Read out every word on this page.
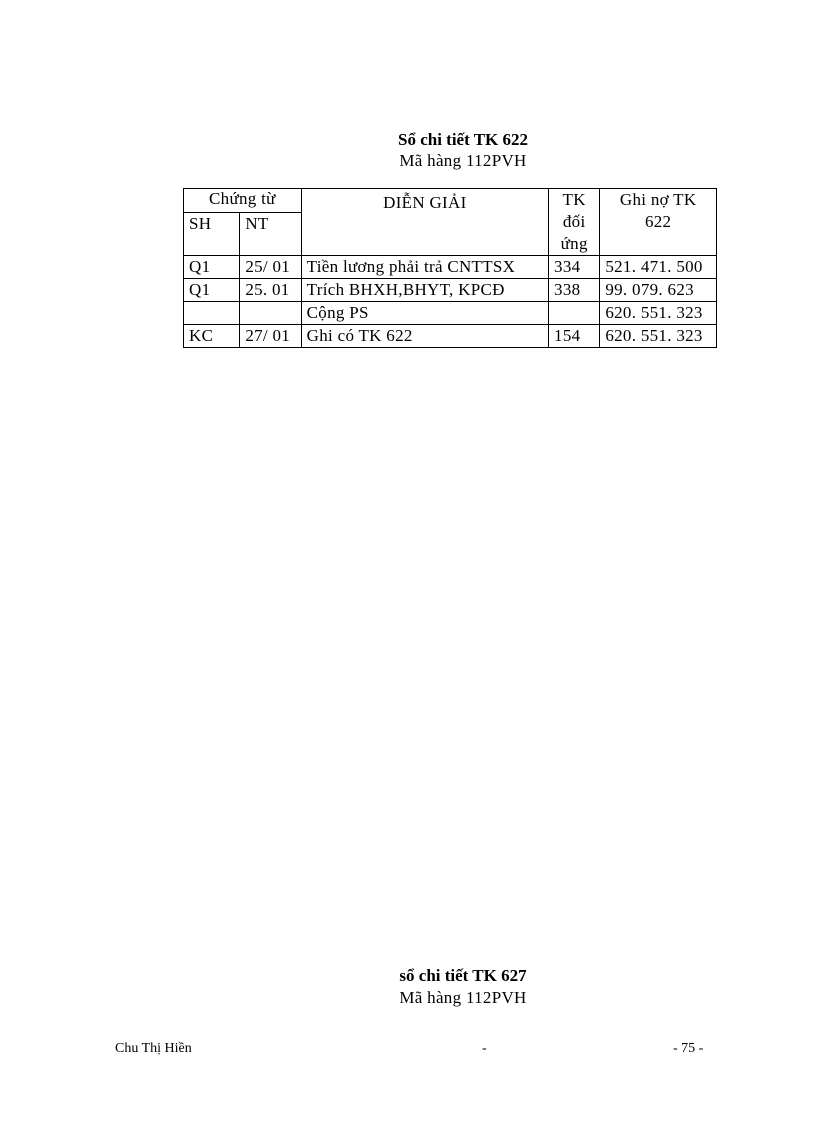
Sổ chi tiết TK 622
Mã hàng 112PVH
Chứng từ		DIỄN GIẢI	TK đối ứng	Ghi nợ TK 622
SH	NT			
Q1	25/ 01	Tiền lương phải trả CNTTSX	334	521. 471. 500
Q1	25. 01	Trích BHXH,BHYT, KPCĐ	338	99. 079. 623
		Cộng PS		620. 551. 323
KC	27/ 01	Ghi có TK 622	154	620. 551. 323
sổ chi tiết TK 627
Mã hàng 112PVH
Chu Thị Hiền	-	- 75 -
